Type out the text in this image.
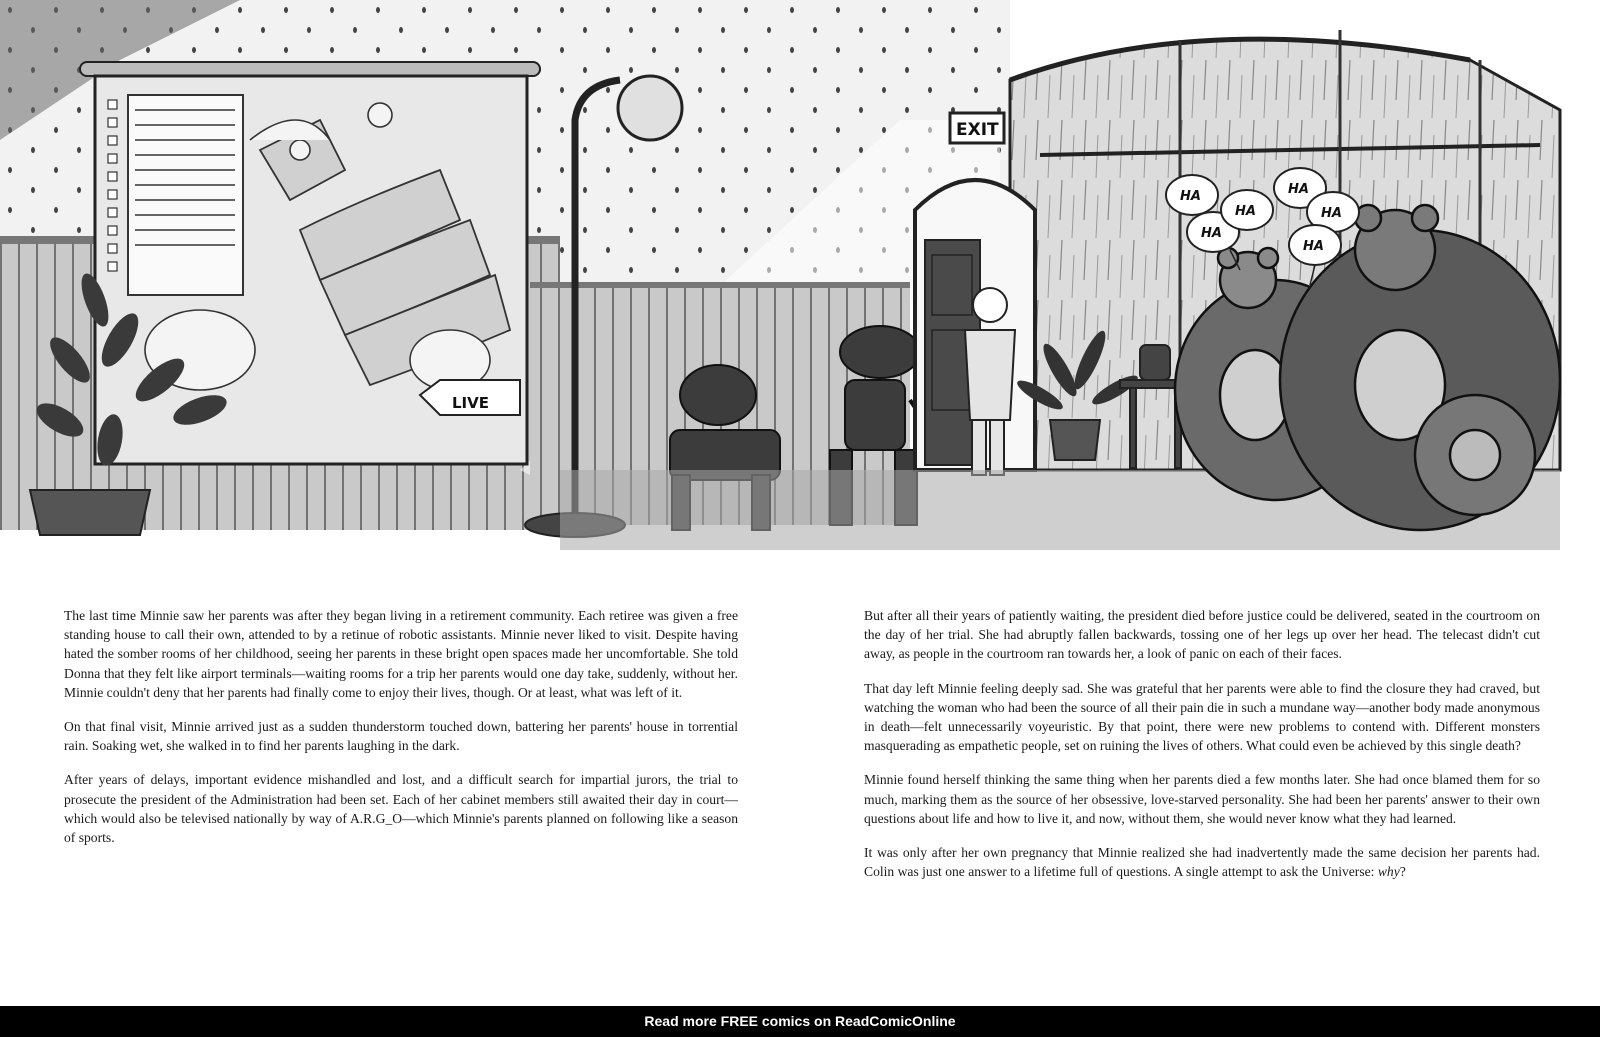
LIVE
EXIT
HA
HA
HA
HA
HA
HA

The last time Minnie saw her parents was after they began living in a retirement community. Each retiree was given a free standing house to call their own, attended to by a retinue of robotic assistants. Minnie never liked to visit. Despite having hated the somber rooms of her childhood, seeing her parents in these bright open spaces made her uncomfortable. She told Donna that they felt like airport terminals—waiting rooms for a trip her parents would one day take, suddenly, without her. Minnie couldn't deny that her parents had finally come to enjoy their lives, though. Or at least, what was left of it.

On that final visit, Minnie arrived just as a sudden thunderstorm touched down, battering her parents' house in torrential rain. Soaking wet, she walked in to find her parents laughing in the dark.

After years of delays, important evidence mishandled and lost, and a difficult search for impartial jurors, the trial to prosecute the president of the Administration had been set. Each of her cabinet members still awaited their day in court—which would also be televised nationally by way of A.R.G_O—which Minnie's parents planned on following like a season of sports.

But after all their years of patiently waiting, the president died before justice could be delivered, seated in the courtroom on the day of her trial. She had abruptly fallen backwards, tossing one of her legs up over her head. The telecast didn't cut away, as people in the courtroom ran towards her, a look of panic on each of their faces.

That day left Minnie feeling deeply sad. She was grateful that her parents were able to find the closure they had craved, but watching the woman who had been the source of all their pain die in such a mundane way—another body made anonymous in death—felt unnecessarily voyeuristic. By that point, there were new problems to contend with. Different monsters masquerading as empathetic people, set on ruining the lives of others. What could even be achieved by this single death?

Minnie found herself thinking the same thing when her parents died a few months later. She had once blamed them for so much, marking them as the source of her obsessive, love-starved personality. She had been her parents' answer to their own questions about life and how to live it, and now, without them, she would never know what they had learned.

It was only after her own pregnancy that Minnie realized she had inadvertently made the same decision her parents had. Colin was just one answer to a lifetime full of questions. A single attempt to ask the Universe: why?

Read more FREE comics on ReadComicOnline
